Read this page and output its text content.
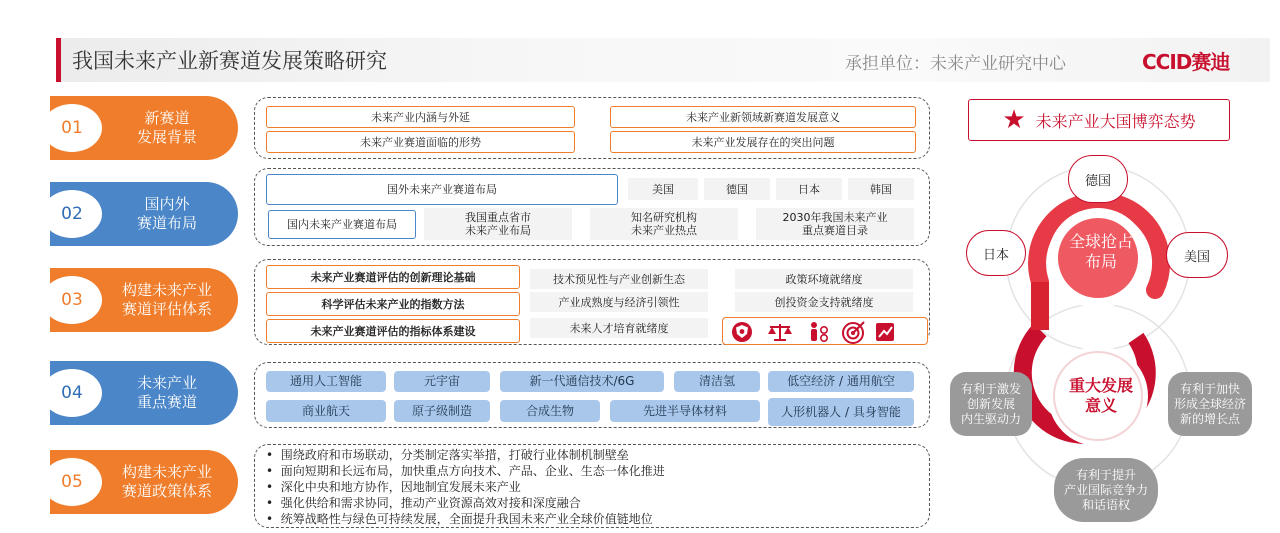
我国未来产业新赛道发展策略研究	承担单位：未来产业研究中心	CCID赛迪
01	新赛道
发展背景
02	国内外
赛道布局
03	构建未来产业
赛道评估体系
04	未来产业
重点赛道
05	构建未来产业
赛道政策体系
未来产业内涵与外延
未来产业赛道面临的形势
未来产业新领域新赛道发展意义
未来产业发展存在的突出问题
国外未来产业赛道布局	美国	德国	日本	韩国
国内未来产业赛道布局
我国重点省市
未来产业布局
知名研究机构
未来产业热点
2030年我国未来产业
重点赛道目录
未来产业赛道评估的创新理论基础
科学评估未来产业的指数方法
未来产业赛道评估的指标体系建设
技术预见性与产业创新生态
产业成熟度与经济引领性
未来人才培育就绪度
政策环境就绪度
创投资金支持就绪度
通用人工智能	元宇宙	新一代通信技术/6G	清洁氢	低空经济 / 通用航空
商业航天	原子级制造	合成生物	先进半导体材料	人形机器人 / 具身智能
•  围绕政府和市场联动，分类制定落实举措，打破行业体制机制壁垒
•  面向短期和长远布局，加快重点方向技术、产品、企业、生态一体化推进
•  深化中央和地方协作，因地制宜发展未来产业
•  强化供给和需求协同，推动产业资源高效对接和深度融合
•  统筹战略性与绿色可持续发展，全面提升我国未来产业全球价值链地位
★ 未来产业大国博弈态势
全球抢占
布局
重大发展
意义
德国
日本	美国
有利于激发
创新发展
内生驱动力
有利于加快
形成全球经济
新的增长点
有利于提升
产业国际竞争力
和话语权
